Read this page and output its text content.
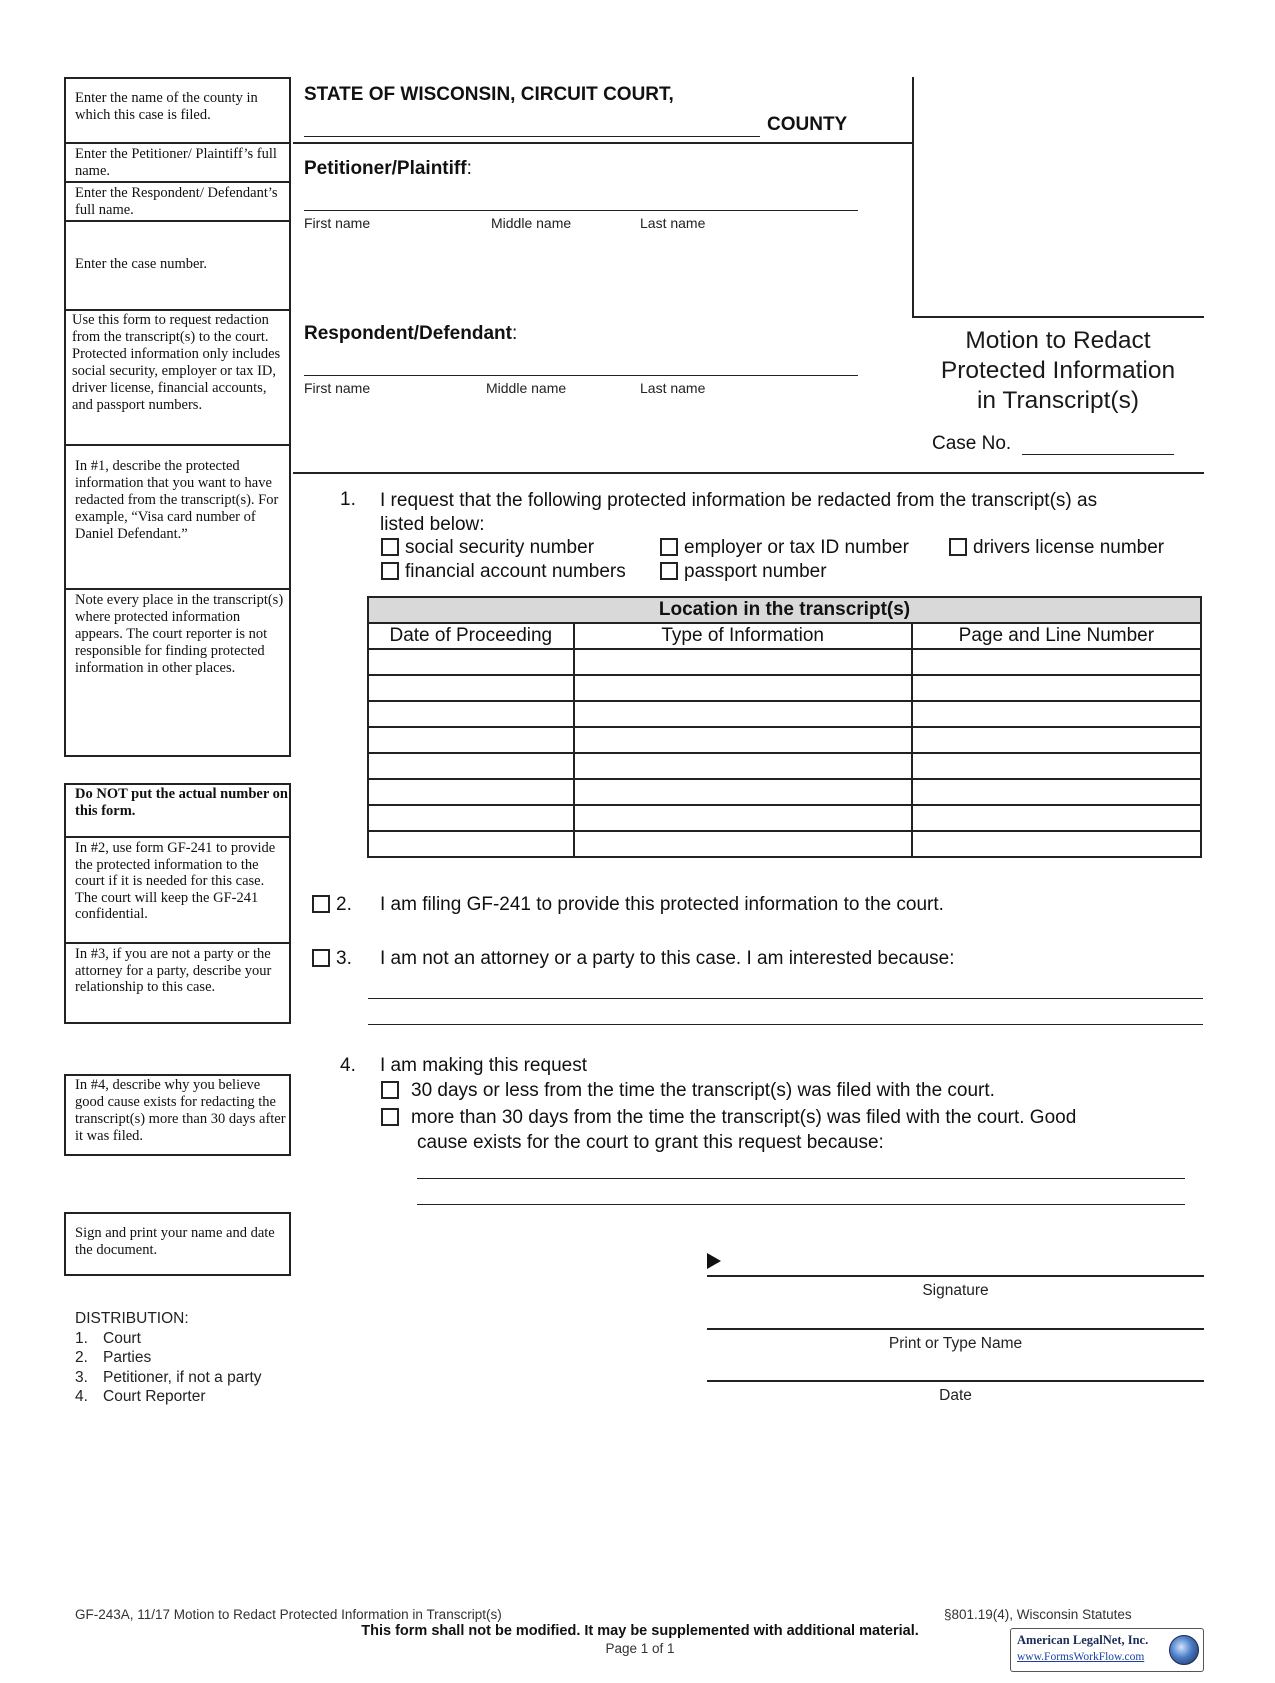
Enter the name of the county in which this case is filed.
Enter the Petitioner/ Plaintiff’s full name.
Enter the Respondent/ Defendant’s full name.
Enter the case number.
Use this form to request redaction from the transcript(s) to the court. Protected information only includes social security, employer or tax ID, driver license, financial accounts, and passport numbers.
In #1, describe the protected information that you want to have redacted from the transcript(s). For example, “Visa card number of Daniel Defendant.”
Note every place in the transcript(s) where protected information appears. The court reporter is not responsible for finding protected information in other places.
Do NOT put the actual number on this form.
In #2, use form GF-241 to provide the protected information to the court if it is needed for this case. The court will keep the GF-241 confidential.
In #3, if you are not a party or the attorney for a party, describe your relationship to this case.
In #4, describe why you believe good cause exists for redacting the transcript(s) more than 30 days after it was filed.
Sign and print your name and date the document.
DISTRIBUTION:
1. Court
2. Parties
3. Petitioner, if not a party
4. Court Reporter
STATE OF WISCONSIN, CIRCUIT COURT,
COUNTY
Petitioner/Plaintiff:
First name	Middle name	Last name
Respondent/Defendant:
First name	Middle name	Last name
Motion to Redact
Protected Information
in Transcript(s)
Case No.
1. I request that the following protected information be redacted from the transcript(s) as
listed below:
social security number	employer or tax ID number	drivers license number
financial account numbers	passport number
Location in the transcript(s)		
Date of Proceeding	Type of Information	Page and Line Number

2. I am filing GF-241 to provide this protected information to the court.
3. I am not an attorney or a party to this case. I am interested because:
4. I am making this request
30 days or less from the time the transcript(s) was filed with the court.
more than 30 days from the time the transcript(s) was filed with the court. Good
cause exists for the court to grant this request because:
Signature
Print or Type Name
Date
GF-243A, 11/17 Motion to Redact Protected Information in Transcript(s)	§801.19(4), Wisconsin Statutes
This form shall not be modified. It may be supplemented with additional material.
Page 1 of 1
American LegalNet, Inc.
www.FormsWorkFlow.com
